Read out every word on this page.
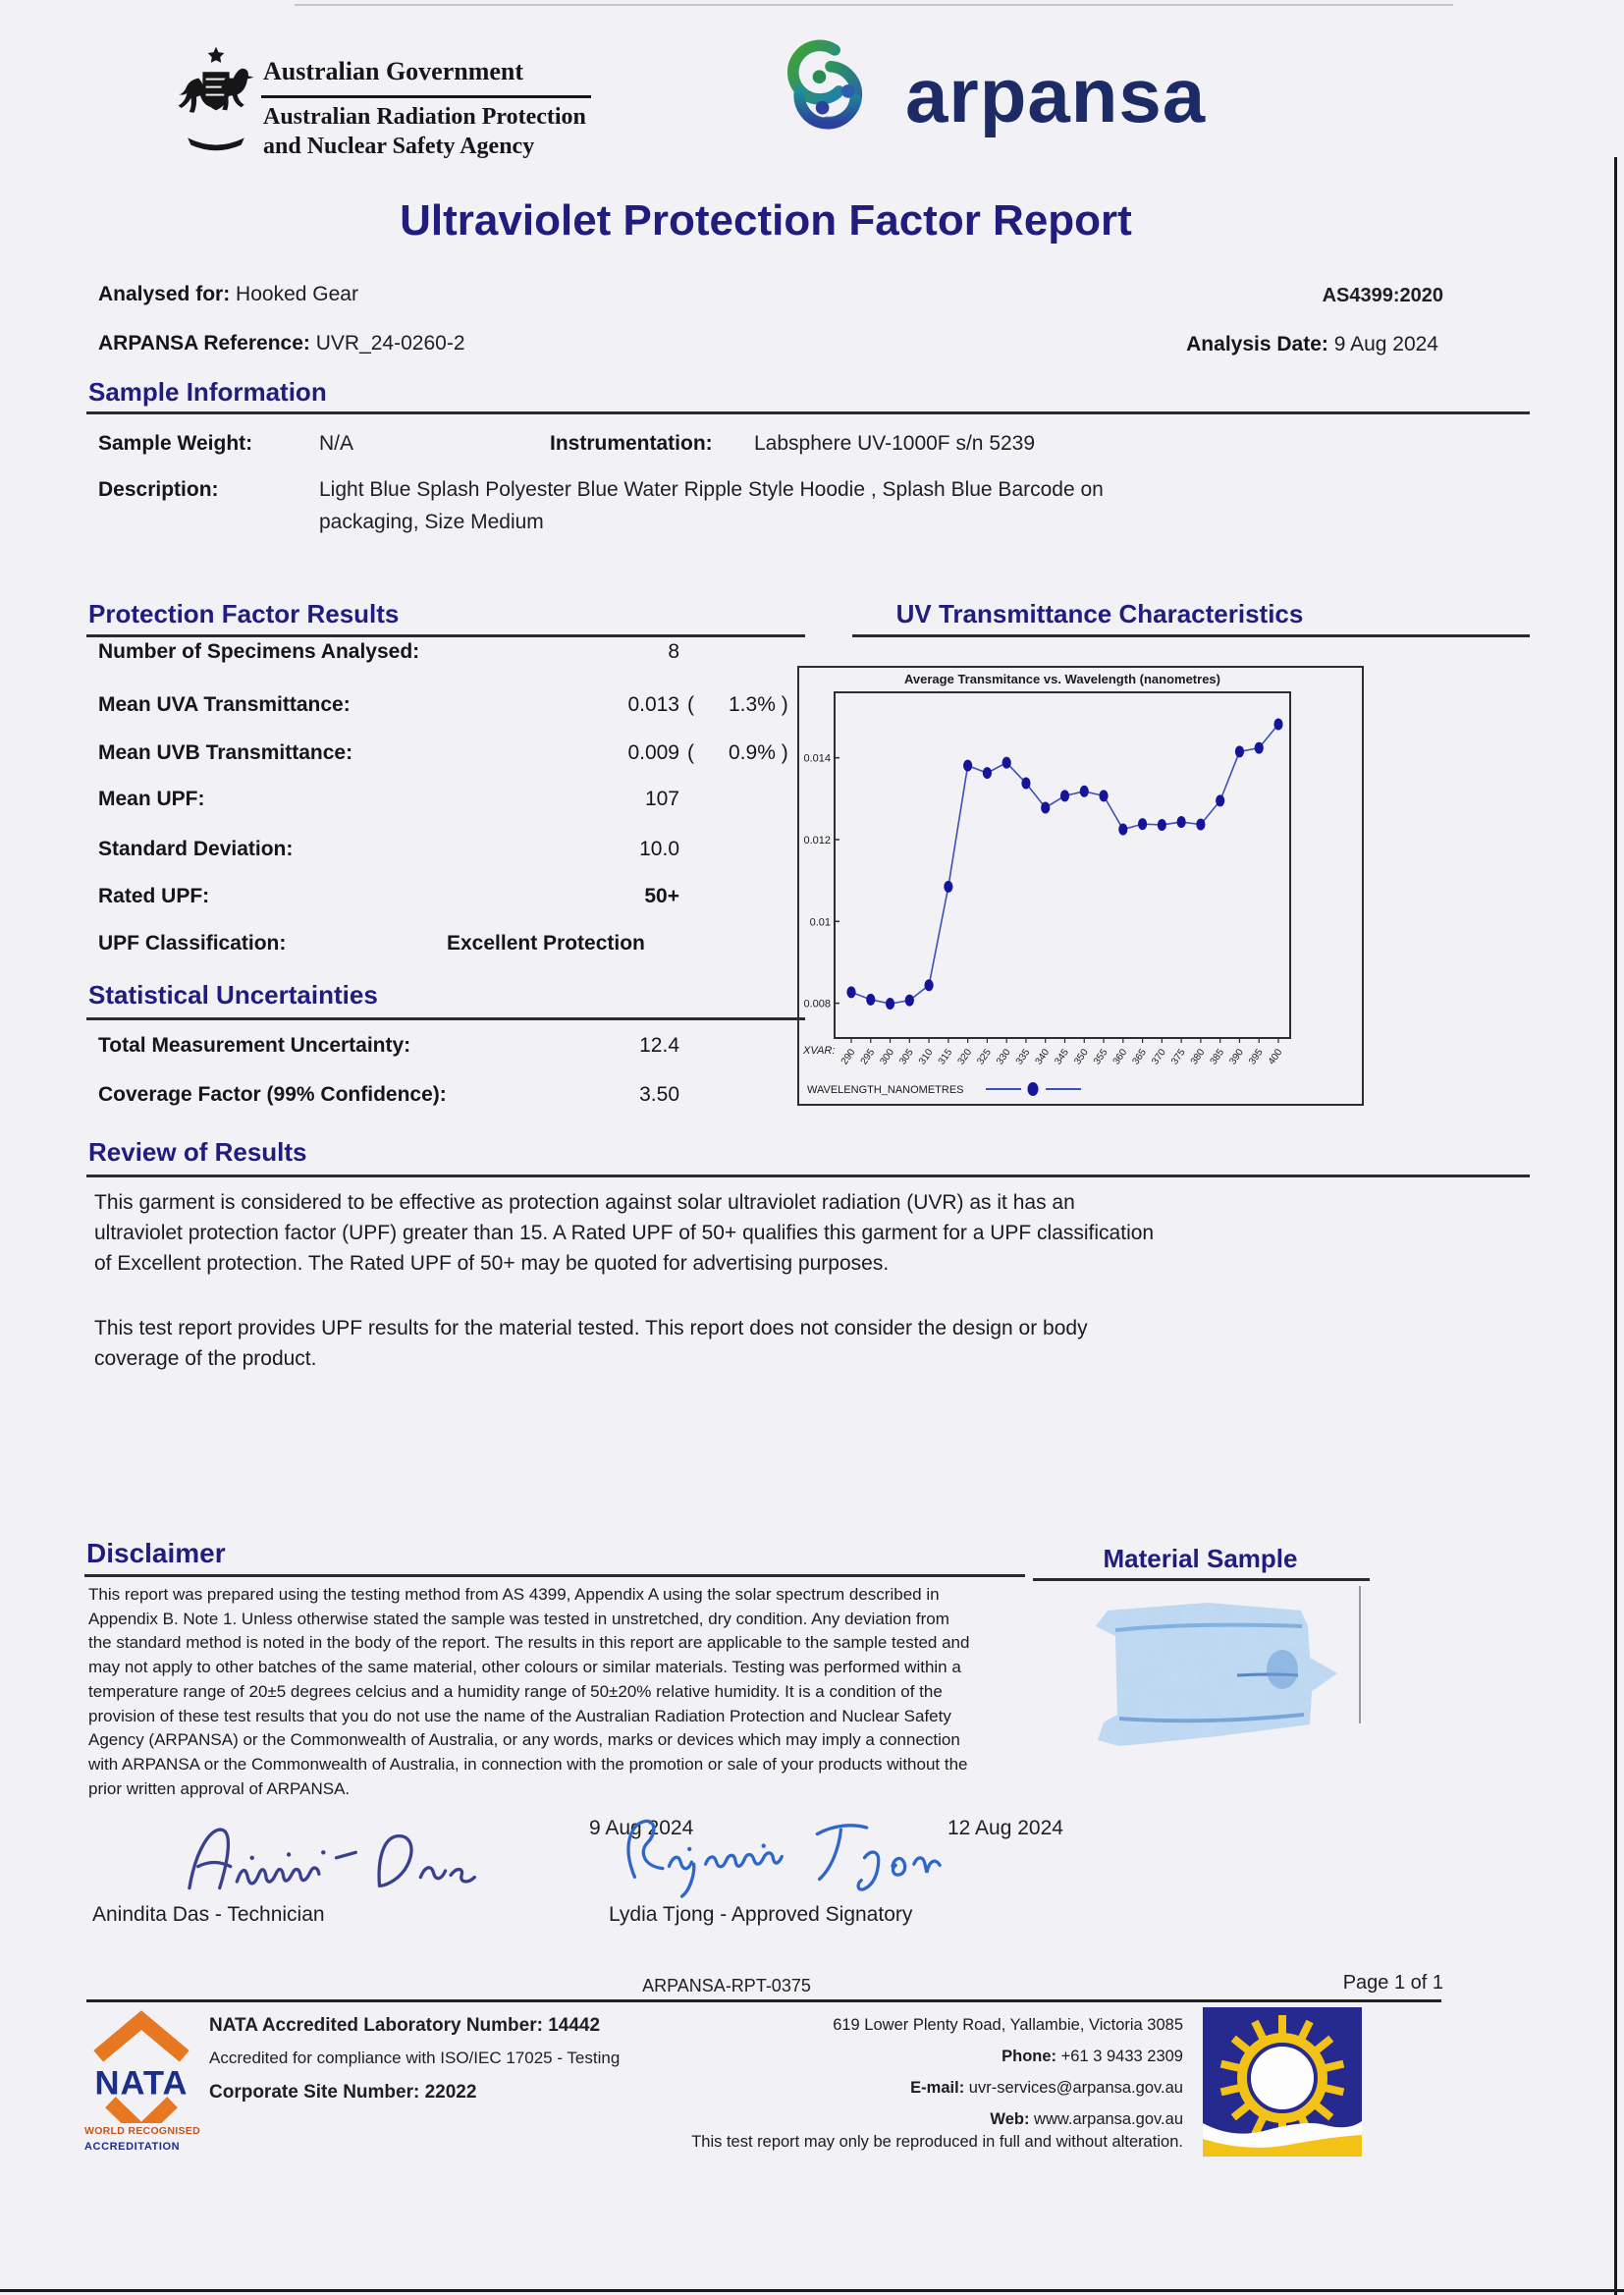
Australian Government
Australian Radiation Protection
and Nuclear Safety Agency
arpansa
Ultraviolet Protection Factor Report
Analysed for: Hooked Gear	AS4399:2020
ARPANSA Reference: UVR_24-0260-2	Analysis Date: 9 Aug 2024
Sample Information
Sample Weight:	N/A	Instrumentation: Labsphere UV-1000F s/n 5239
Description:	Light Blue Splash Polyester Blue Water Ripple Style Hoodie , Splash Blue Barcode on
packaging, Size Medium
Protection Factor Results	UV Transmittance Characteristics
Number of Specimens Analysed:	8
Mean UVA Transmittance:	0.013 (      1.3% )
Mean UVB Transmittance:	0.009 (      0.9% )
Mean UPF:	107
Standard Deviation:	10.0
Rated UPF:	50+
UPF Classification:	Excellent Protection
Statistical Uncertainties
Total Measurement Uncertainty:	12.4
Coverage Factor (99% Confidence):	3.50
Average Transmitance vs. Wavelength (nanometres)
0.014
0.012
0.01
0.008
290 295 300 305 310 315 320 325 330 335 340 345 350 355 360 365 370 375 380 385 390 395 400
XVAR:
WAVELENGTH_NANOMETRES
Review of Results
This garment is considered to be effective as protection against solar ultraviolet radiation (UVR) as it has an ultraviolet protection factor (UPF) greater than 15. A Rated UPF of 50+ qualifies this garment for a UPF classification of Excellent protection. The Rated UPF of 50+ may be quoted for advertising purposes.
This test report provides UPF results for the material tested. This report does not consider the design or body coverage of the product.
Disclaimer
This report was prepared using the testing method from AS 4399, Appendix A using the solar spectrum described in Appendix B. Note 1. Unless otherwise stated the sample was tested in unstretched, dry condition. Any deviation from the standard method is noted in the body of the report. The results in this report are applicable to the sample tested and may not apply to other batches of the same material, other colours or similar materials. Testing was performed within a temperature range of 20±5 degrees celcius and a humidity range of 50±20% relative humidity. It is a condition of the provision of these test results that you do not use the name of the Australian Radiation Protection and Nuclear Safety Agency (ARPANSA) or the Commonwealth of Australia, or any words, marks or devices which may imply a connection with ARPANSA or the Commonwealth of Australia, in connection with the promotion or sale of your products without the prior written approval of ARPANSA.
Material Sample
9 Aug 2024	12 Aug 2024
Anindita Das - Technician	Lydia Tjong - Approved Signatory
ARPANSA-RPT-0375	Page 1 of 1
NATA
WORLD RECOGNISED
ACCREDITATION
NATA Accredited Laboratory Number: 14442
Accredited for compliance with ISO/IEC 17025 - Testing
Corporate Site Number: 22022
619 Lower Plenty Road, Yallambie, Victoria 3085
Phone: +61 3 9433 2309
E-mail: uvr-services@arpansa.gov.au
Web: www.arpansa.gov.au
This test report may only be reproduced in full and without alteration.
